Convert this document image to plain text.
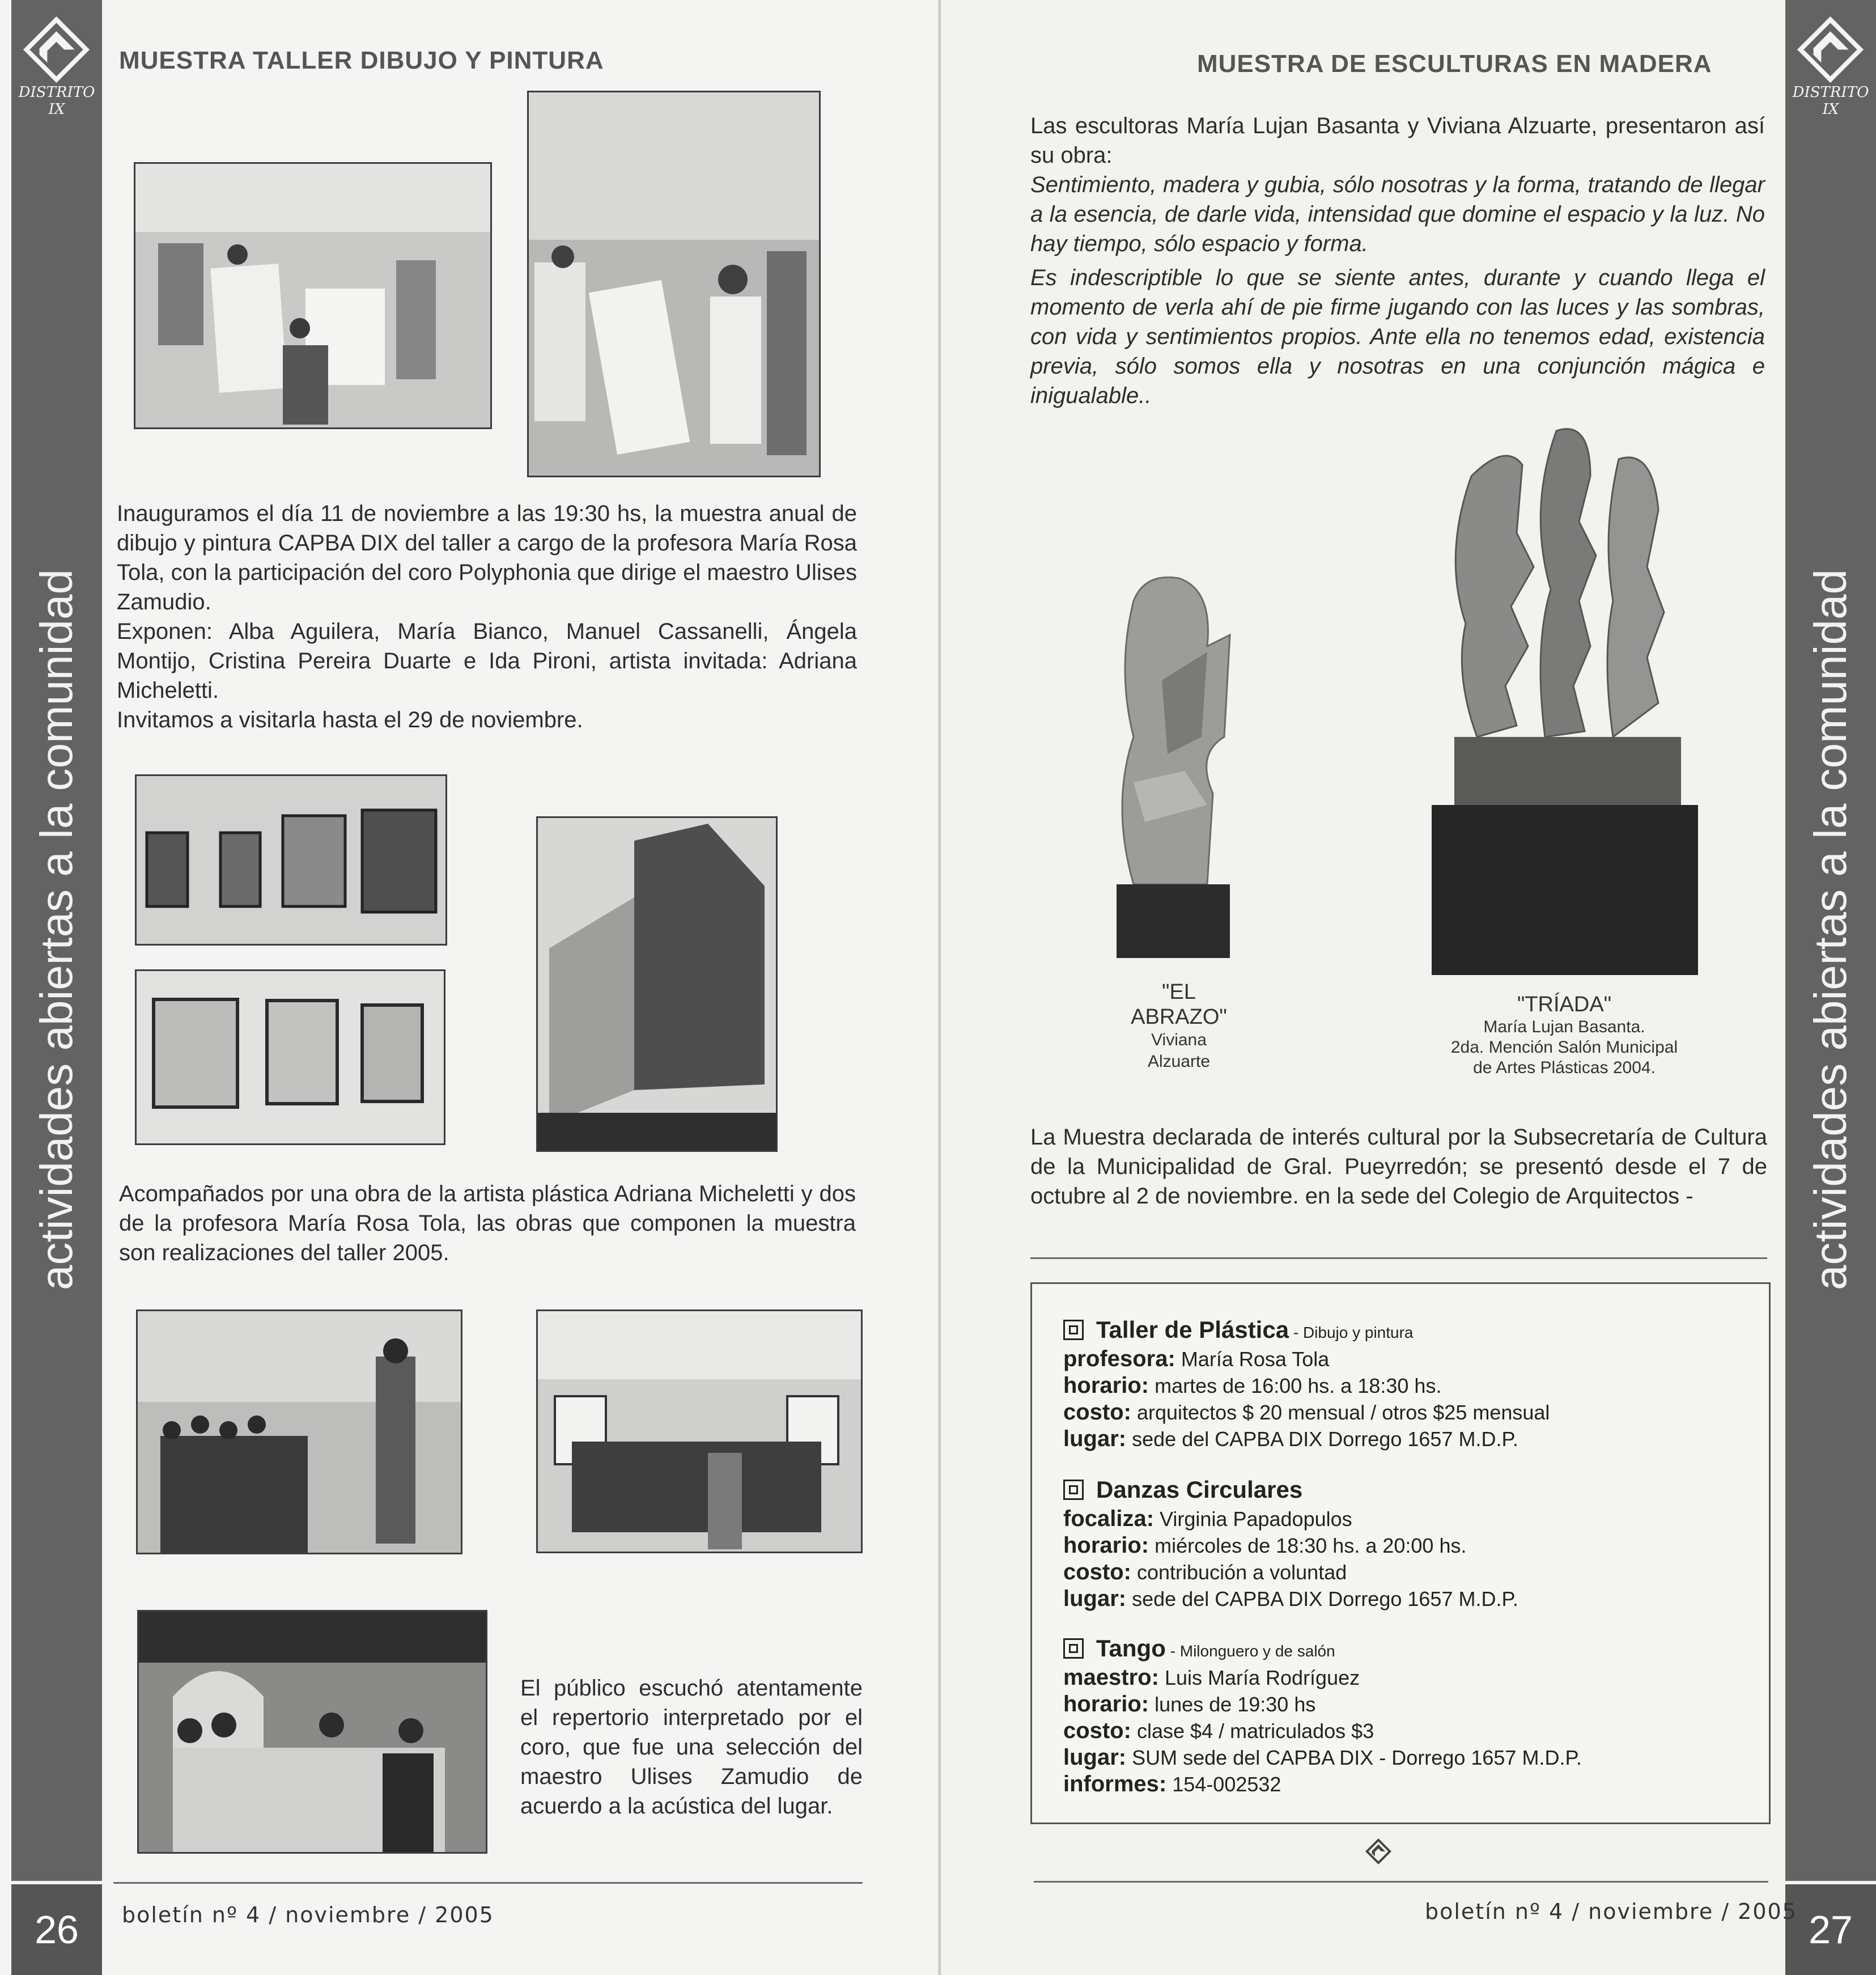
DISTRITO IX
actividades abiertas a la comunidad
26
MUESTRA TALLER DIBUJO Y PINTURA

Inauguramos el día 11 de noviembre a las 19:30 hs, la muestra anual de dibujo y pintura CAPBA DIX del taller a cargo de la profesora María Rosa Tola, con la participación del coro Polyphonia que dirige el maestro Ulises Zamudio.

Exponen: Alba Aguilera, María Bianco, Manuel Cassanelli, Ángela Montijo, Cristina Pereira Duarte e Ida Pironi, artista invitada: Adriana Micheletti.

Invitamos a visitarla hasta el 29 de noviembre.

Acompañados por una obra de la artista plástica Adriana Micheletti y dos de la profesora María Rosa Tola, las obras que componen la muestra son realizaciones del taller 2005.
El público escuchó atentamente el repertorio interpretado por el coro, que fue una selección del maestro Ulises Zamudio de acuerdo a la acústica del lugar.
boletín nº 4 / noviembre / 2005
DISTRITO IX
actividades abiertas a la comunidad
27
MUESTRA DE ESCULTURAS EN MADERA

Las escultoras María Lujan Basanta y Viviana Alzuarte, presentaron así su obra:

Sentimiento, madera y gubia, sólo nosotras y la forma, tratando de llegar a la esencia, de darle vida, intensidad que domine el espacio y la luz. No hay tiempo, sólo espacio y forma.

Es indescriptible lo que se siente antes, durante y cuando llega el momento de verla ahí de pie firme jugando con las luces y las sombras, con vida y sentimientos propios. Ante ella no tenemos edad, existencia previa, sólo somos ella y nosotras en una conjunción mágica e inigualable..

"EL
ABRAZO"
Viviana
Alzuarte
"TRÍADA"
María Lujan Basanta.
2da. Mención Salón Municipal
de Artes Plásticas 2004.
La Muestra declarada de interés cultural por la Subsecretaría de Cultura de la Municipalidad de Gral. Pueyrredón; se presentó desde el 7 de octubre al 2 de noviembre. en la sede del Colegio de Arquitectos -
Taller de Plástica - Dibujo y pintura
profesora: María Rosa Tola
horario: martes de 16:00 hs. a 18:30 hs.
costo: arquitectos $ 20 mensual / otros $25 mensual
lugar: sede del CAPBA DIX Dorrego 1657 M.D.P.
Danzas Circulares
focaliza: Virginia Papadopulos
horario: miércoles de 18:30 hs. a 20:00 hs.
costo: contribución a voluntad
lugar: sede del CAPBA DIX Dorrego 1657 M.D.P.
Tango - Milonguero y de salón
maestro: Luis María Rodríguez
horario: lunes de 19:30 hs
costo: clase $4 / matriculados $3
lugar: SUM sede del CAPBA DIX - Dorrego 1657 M.D.P.
informes: 154-002532
boletín nº 4 / noviembre / 2005
